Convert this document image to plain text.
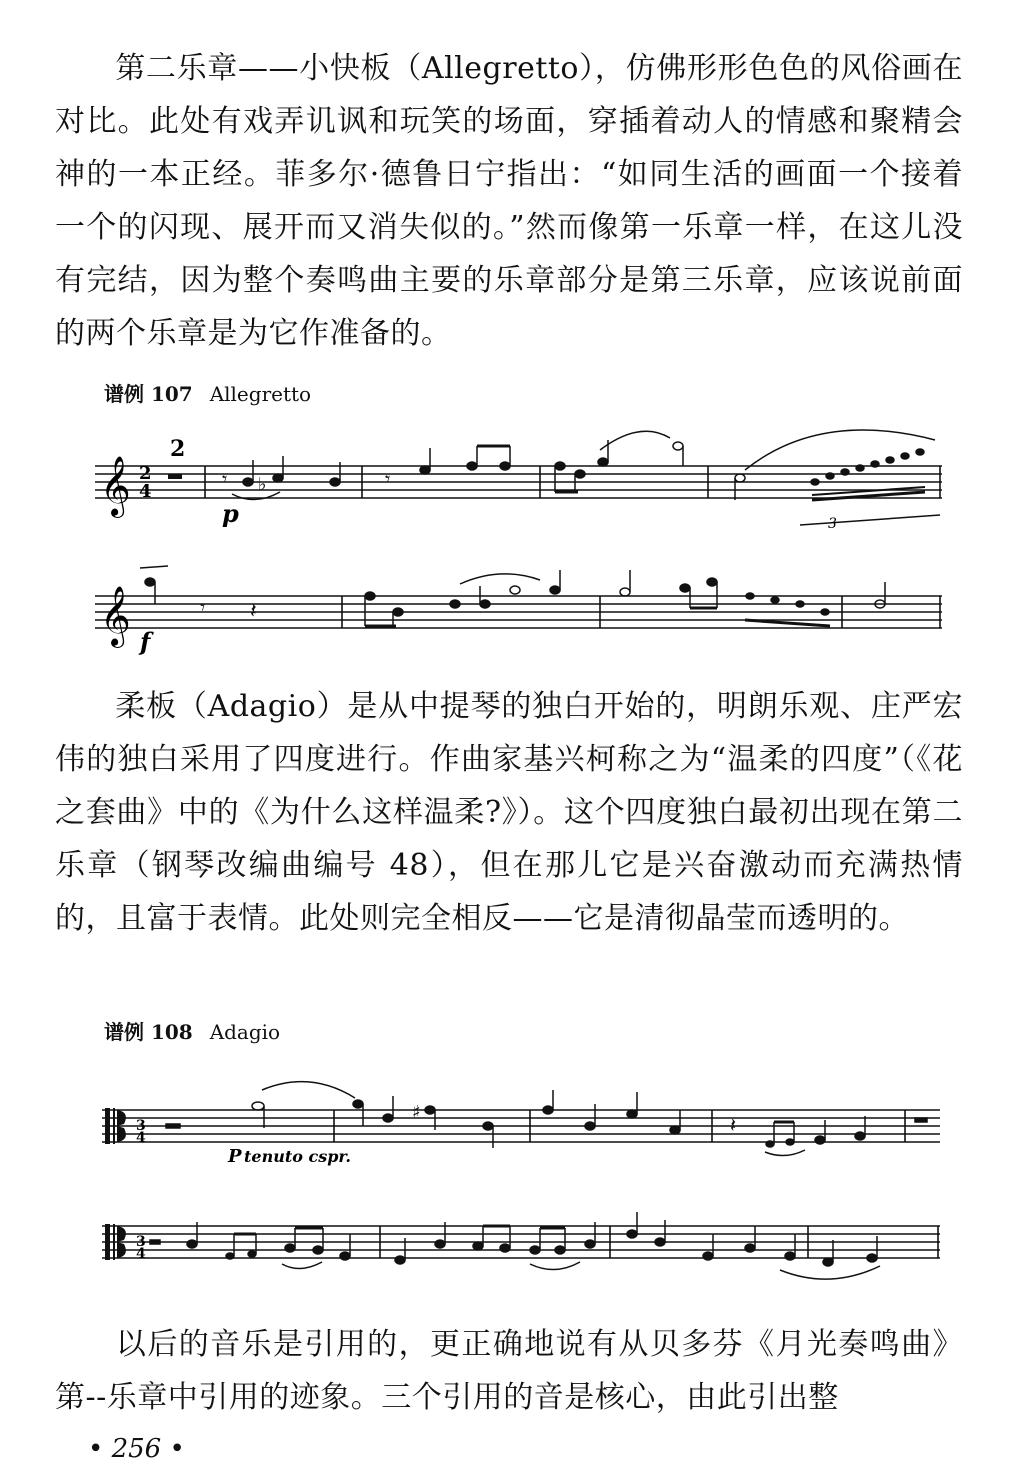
第二乐章——小快板（Allegretto），仿佛形形色色的风俗画在对比。此处有戏弄讥讽和玩笑的场面，穿插着动人的情感和聚精会神的一本正经。菲多尔·德鲁日宁指出：“如同生活的画面一个接着一个的闪现、展开而又消失似的。”然而像第一乐章一样，在这儿没有完结，因为整个奏鸣曲主要的乐章部分是第三乐章，应该说前面的两个乐章是为它作准备的。

谱例 107 Allegretto
𝄞
𝄞
2
4
2
𝄾 ♭
p
𝄾
3
𝄾 𝄽
f

柔板（Adagio）是从中提琴的独白开始的，明朗乐观、庄严宏伟的独白采用了四度进行。作曲家基兴柯称之为“温柔的四度”（《花之套曲》中的《为什么这样温柔?》）。这个四度独白最初出现在第二乐章（钢琴改编曲编号 48），但在那儿它是兴奋激动而充满热情的，且富于表情。此处则完全相反——它是清彻晶莹而透明的。

谱例 108 Adagio
3
4
3
4
♯
𝄽
P tenuto cspr.

以后的音乐是引用的，更正确地说有从贝多芬《月光奏鸣曲》第--乐章中引用的迹象。三个引用的音是核心，由此引出整

• 256 •
